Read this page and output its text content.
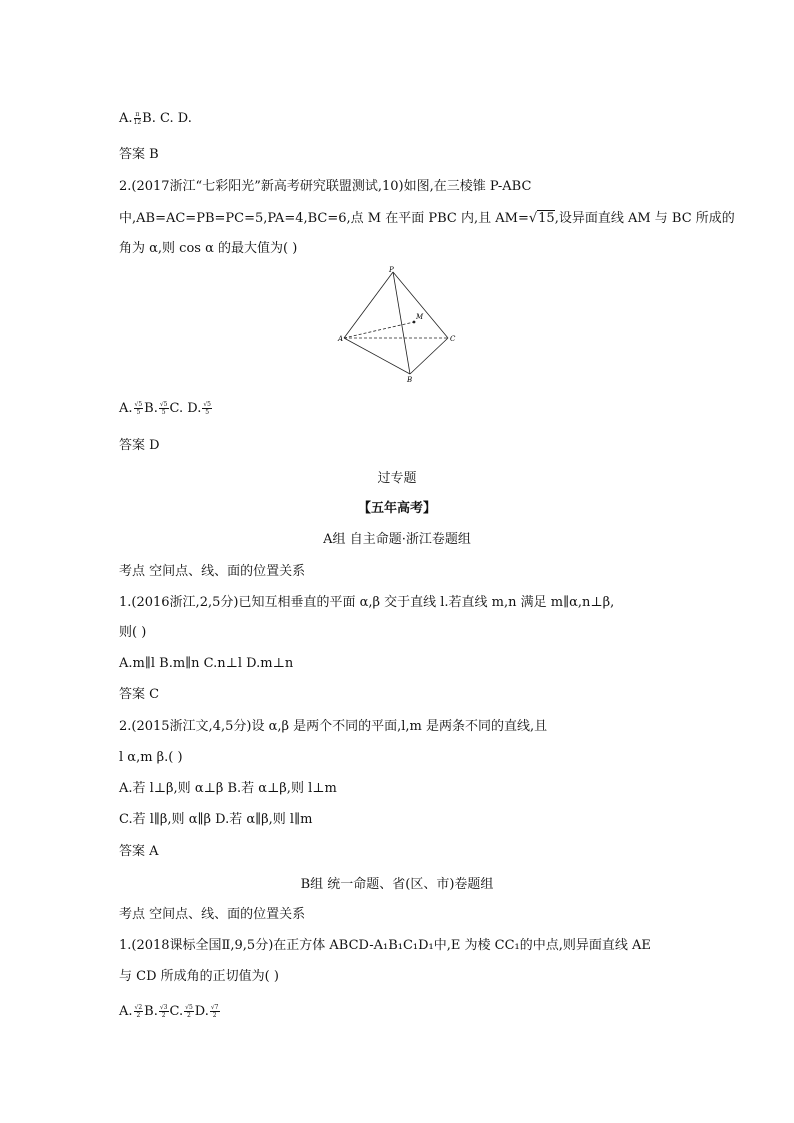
A. $\frac{\pi}{12} B$. C. D.
答案 B
2.(2017浙江“七彩阳光”新高考研究联盟测试,10)如图,在三棱锥 P-ABC
中,AB=AC=PB=PC=5,PA=4,BC=6,点 M 在平面 PBC 内,且 AM=√15,设异面直线 AM 与 BC 所成的
角为 α,则 cos α 的最大值为( )
P
M
A	C
B
A. $\frac{√5}{5} B$. $\frac{√5}{5} C$. D. $\frac{√5}{5}$
答案 D
过专题
【五年高考】
A组 自主命题·浙江卷题组
考点 空间点、线、面的位置关系
1.(2016浙江,2,5分)已知互相垂直的平面 α,β 交于直线 l.若直线 m,n 满足 m∥α,n⊥β,
则( )
A.m∥l B.m∥n C.n⊥l D.m⊥n
答案 C
2.(2015浙江文,4,5分)设 α,β 是两个不同的平面,l,m 是两条不同的直线,且
l α,m β.( )
A.若 l⊥β,则 α⊥β B.若 α⊥β,则 l⊥m
C.若 l∥β,则 α∥β D.若 α∥β,则 l∥m
答案 A
B组 统一命题、省(区、市)卷题组
考点 空间点、线、面的位置关系
1.(2018课标全国Ⅱ,9,5分)在正方体 ABCD-A₁B₁C₁D₁中,E 为棱 CC₁的中点,则异面直线 AE
与 CD 所成角的正切值为( )
A. $\frac{√2}{2} B$. $\frac{√3}{2} C$. $\frac{√5}{2} D$. $\frac{√7}{2}$
